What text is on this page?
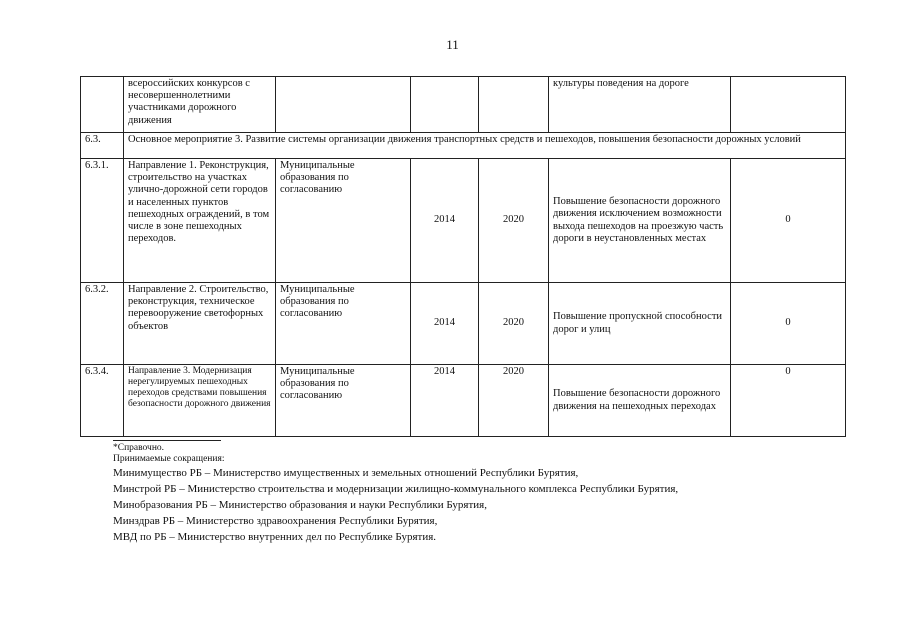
11
	всероссийских конкурсов с несовершеннолетними участниками дорожного движения				культуры поведения на дороге	
6.3.	Основное мероприятие 3. Развитие системы организации движения транспортных средств и пешеходов, повышения безопасности дорожных условий					
6.3.1.	Направление 1. Реконструкция, строительство на участках улично-дорожной сети городов и населенных пунктов пешеходных ограждений, в том числе в зоне пешеходных переходов.	Муниципальные образования по согласованию	2014	2020	Повышение безопасности дорожного движения исключением возможности выхода пешеходов на проезжую часть дороги в неустановленных местах	0
6.3.2.	Направление 2. Строительство, реконструкция, техническое перевооружение светофорных объектов	Муниципальные образования по согласованию	2014	2020	Повышение пропускной способности дорог и улиц	0
6.3.4.	Направление 3. Модернизация нерегулируемых пешеходных переходов средствами повышения безопасности дорожного движения	Муниципальные образования по согласованию	2014	2020	Повышение безопасности дорожного движения на пешеходных переходах	0
*Справочно.
Принимаемые сокращения:
Минимущество РБ – Министерство имущественных и земельных отношений Республики Бурятия,
Минстрой РБ – Министерство строительства и модернизации жилищно-коммунального комплекса Республики Бурятия,
Минобразования РБ – Министерство образования и науки Республики Бурятия,
Минздрав РБ – Министерство здравоохранения Республики Бурятия,
МВД по РБ – Министерство внутренних дел по Республике Бурятия.
